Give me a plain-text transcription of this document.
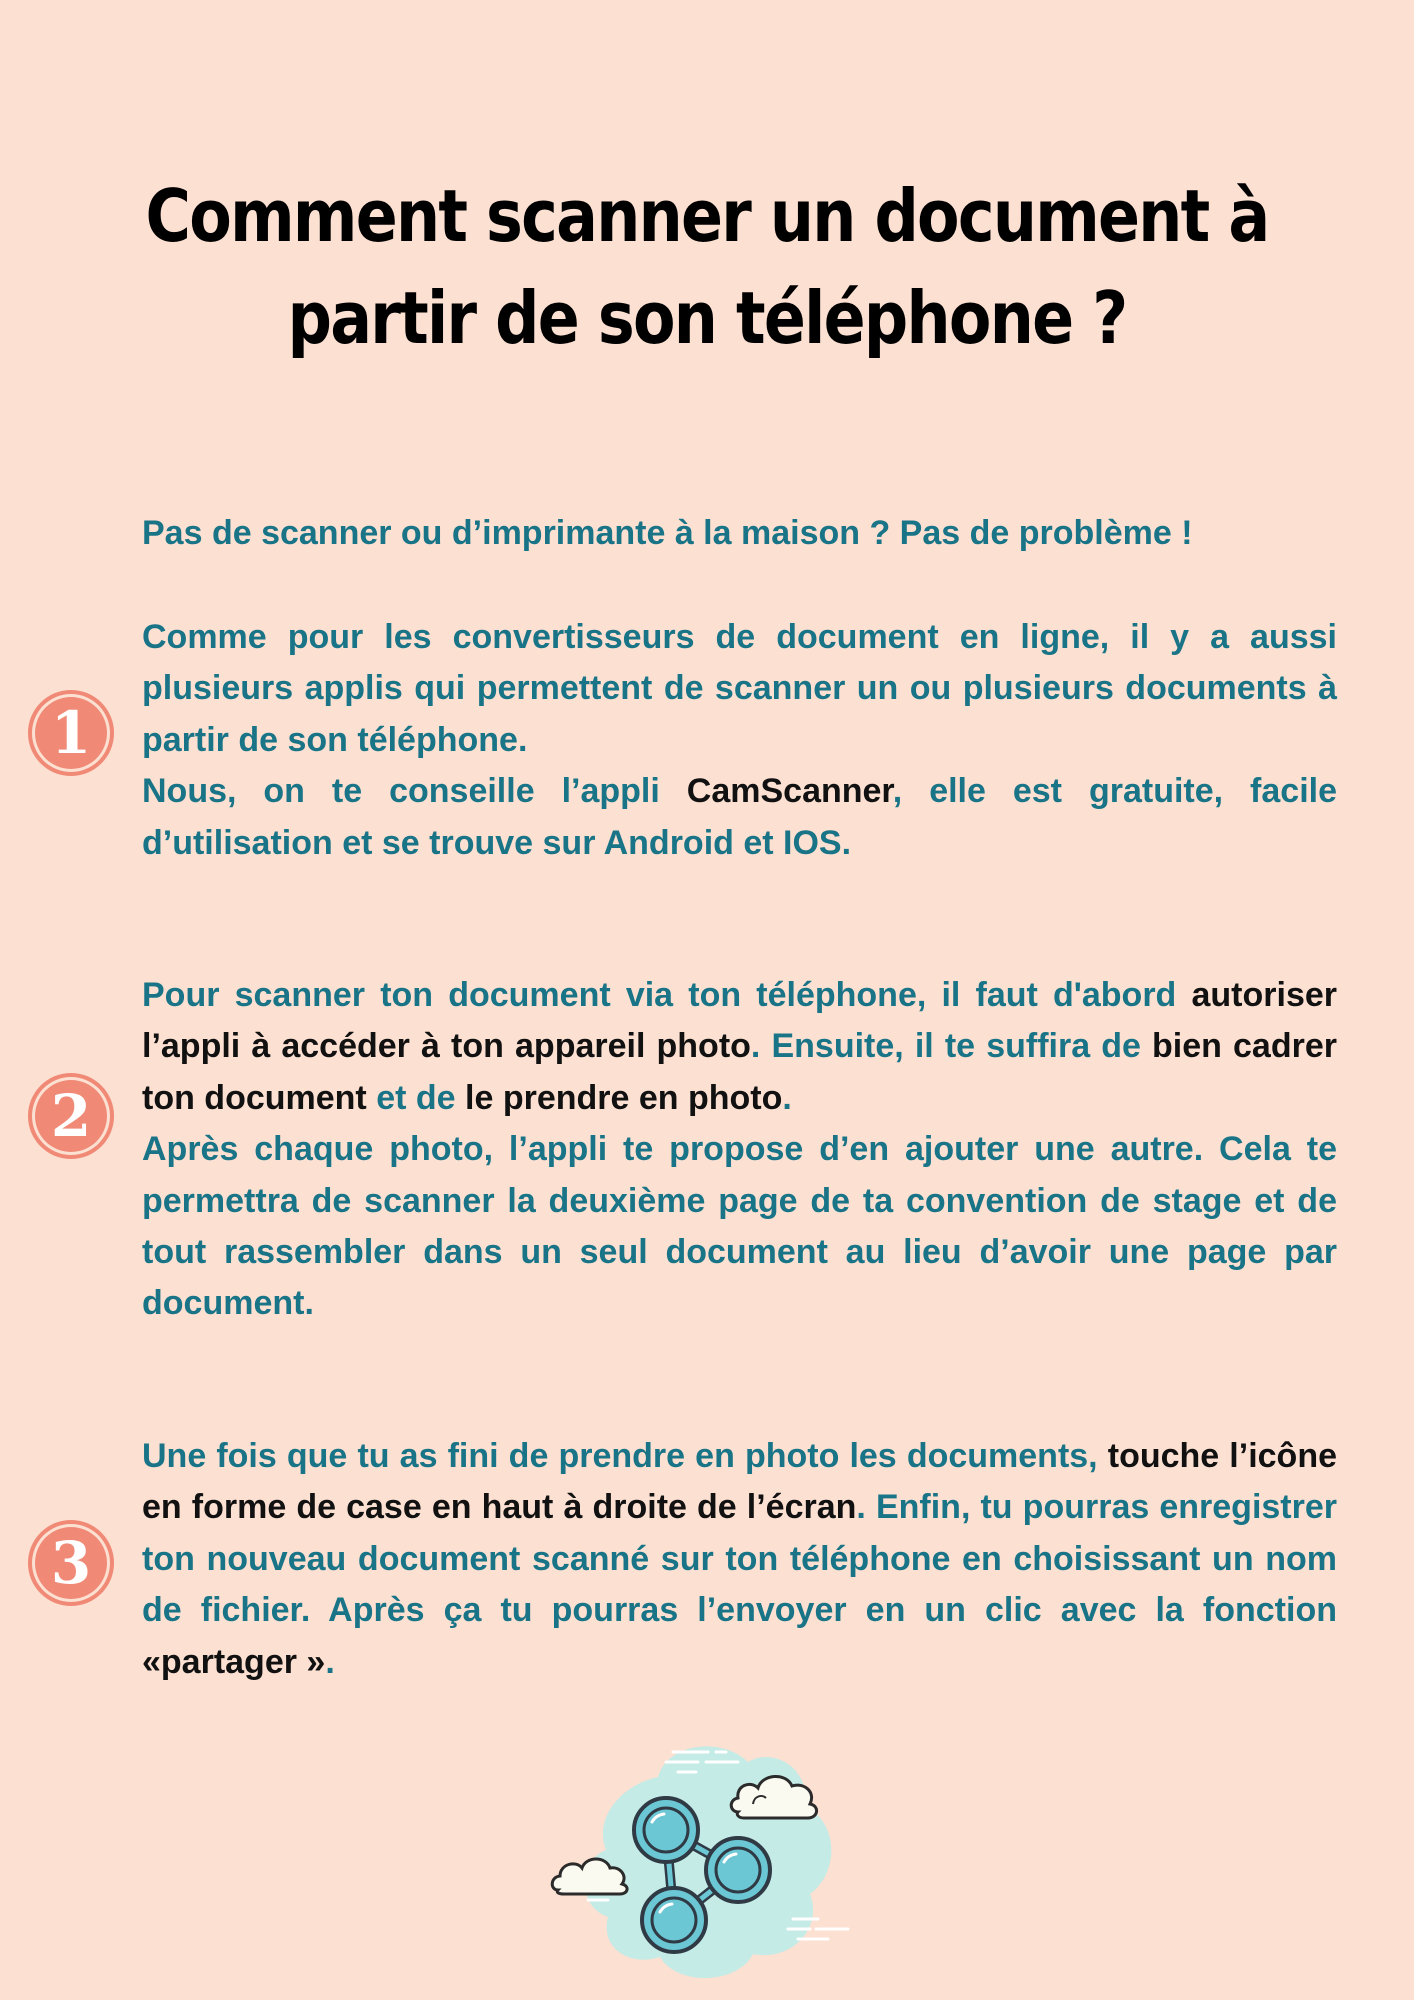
Comment scanner un document à partir de son téléphone ?

Pas de scanner ou d’imprimante à la maison ? Pas de problème !

1

Comme pour les convertisseurs de document en ligne, il y a aussi plusieurs applis qui permettent de scanner un ou plusieurs documents à partir de son téléphone.
Nous, on te conseille l’appli CamScanner, elle est gratuite, facile d’utilisation et se trouve sur Android et IOS.

2

Pour scanner ton document via ton téléphone, il faut d'abord autoriser l’appli à accéder à ton appareil photo. Ensuite, il te suffira de bien cadrer ton document et de le prendre en photo.
Après chaque photo, l’appli te propose d’en ajouter une autre. Cela te permettra de scanner la deuxième page de ta convention de stage et de tout rassembler dans un seul document au lieu d’avoir une page par document.

3

Une fois que tu as fini de prendre en photo les documents, touche l’icône en forme de case en haut à droite de l’écran. Enfin, tu pourras enregistrer ton nouveau document scanné sur ton téléphone en choisissant un nom de fichier. Après ça tu pourras l’envoyer en un clic avec la fonction «partager ».
